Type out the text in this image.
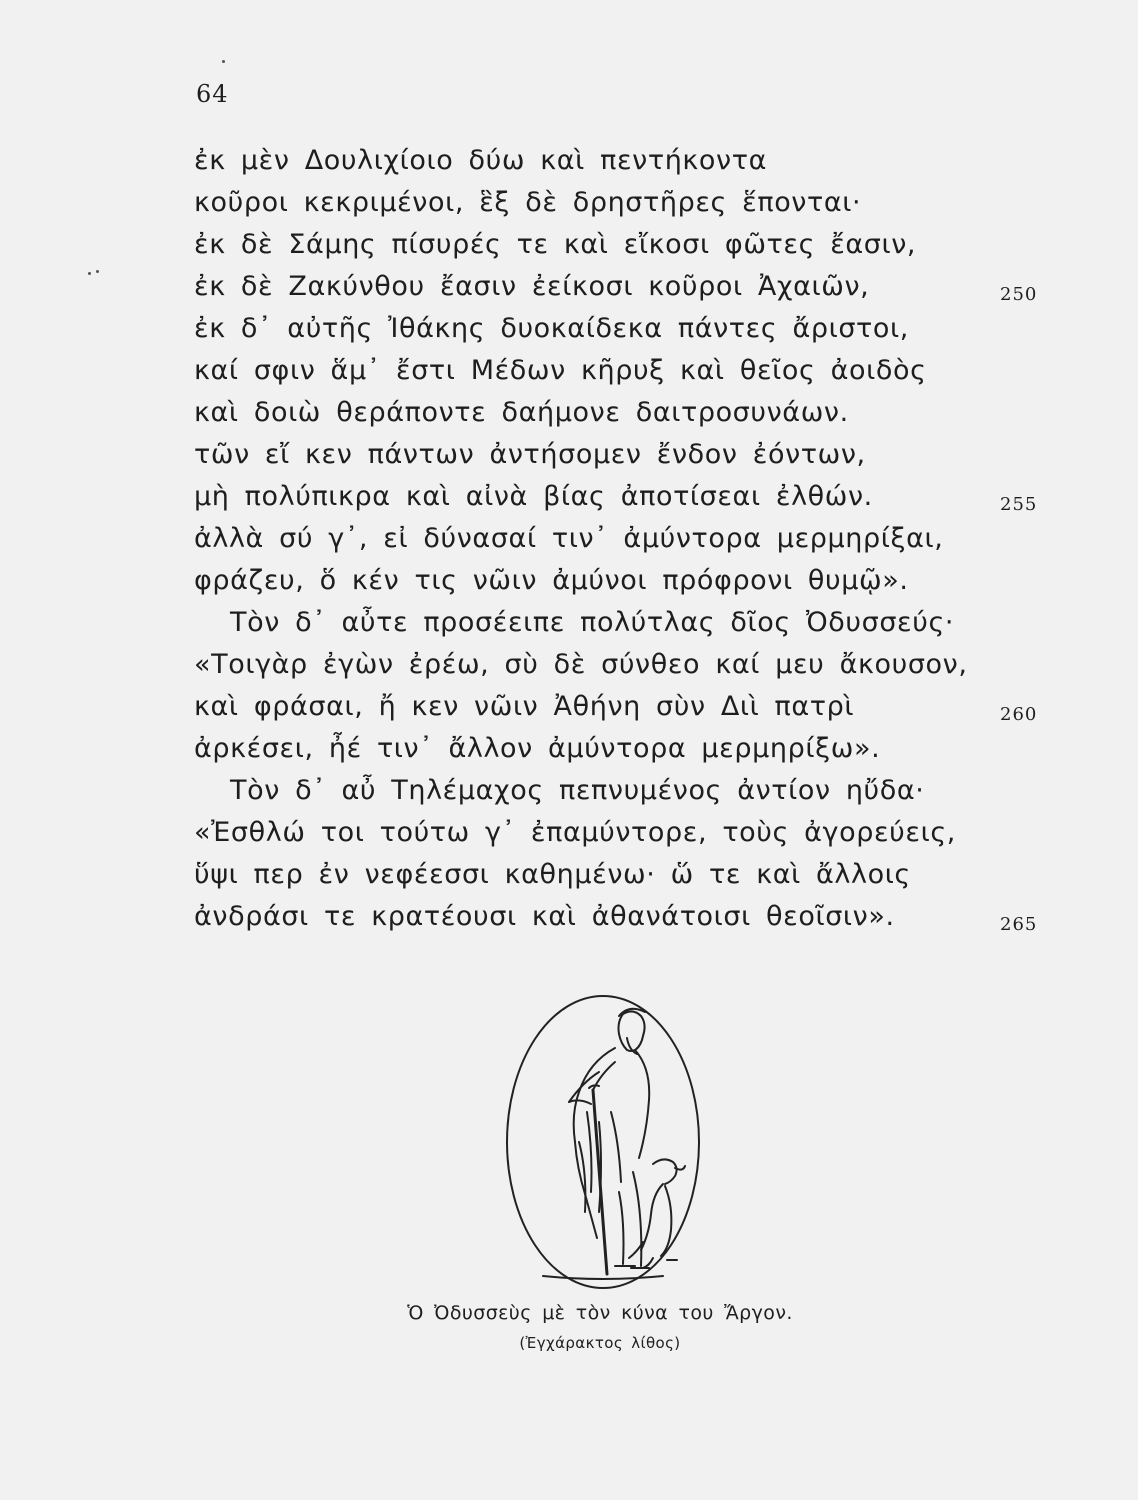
64
ἐκ μὲν Δουλιχίοιο δύω καὶ πεντήκοντα
κοῦροι κεκριμένοι, ἓξ δὲ δρηστῆρες ἕπονται·
ἐκ δὲ Σάμης πίσυρές τε καὶ εἴκοσι φῶτες ἔασιν,
ἐκ δὲ Ζακύνθου ἔασιν ἐείκοσι κοῦροι Ἀχαιῶν,	250
ἐκ δ᾽ αὐτῆς Ἰθάκης δυοκαίδεκα πάντες ἄριστοι,
καί σφιν ἅμ᾽ ἔστι Μέδων κῆρυξ καὶ θεῖος ἀοιδὸς
καὶ δοιὼ θεράποντε δαήμονε δαιτροσυνάων.
τῶν εἴ κεν πάντων ἀντήσομεν ἔνδον ἐόντων,
μὴ πολύπικρα καὶ αἰνὰ βίας ἀποτίσεαι ἐλθών.	255
ἀλλὰ σύ γ᾽, εἰ δύνασαί τιν᾽ ἀμύντορα μερμηρίξαι,
φράζευ, ὅ κέν τις νῶιν ἀμύνοι πρόφρονι θυμῷ».
Τὸν δ᾽ αὖτε προσέειπε πολύτλας δῖος Ὀδυσσεύς·
«Τοιγὰρ ἐγὼν ἐρέω, σὺ δὲ σύνθεο καί μευ ἄκουσον,
καὶ φράσαι, ἤ κεν νῶιν Ἀθήνη σὺν Διὶ πατρὶ	260
ἀρκέσει, ἦέ τιν᾽ ἄλλον ἀμύντορα μερμηρίξω».
Τὸν δ᾽ αὖ Τηλέμαχος πεπνυμένος ἀντίον ηὔδα·
«Ἐσθλώ τοι τούτω γ᾽ ἐπαμύντορε, τοὺς ἀγορεύεις,
ὕψι περ ἐν νεφέεσσι καθημένω· ὥ τε καὶ ἄλλοις
ἀνδράσι τε κρατέουσι καὶ ἀθανάτοισι θεοῖσιν».	265
Ὁ Ὀδυσσεὺς μὲ τὸν κύνα του Ἄργον.
(Ἐγχάρακτος λίθος)
